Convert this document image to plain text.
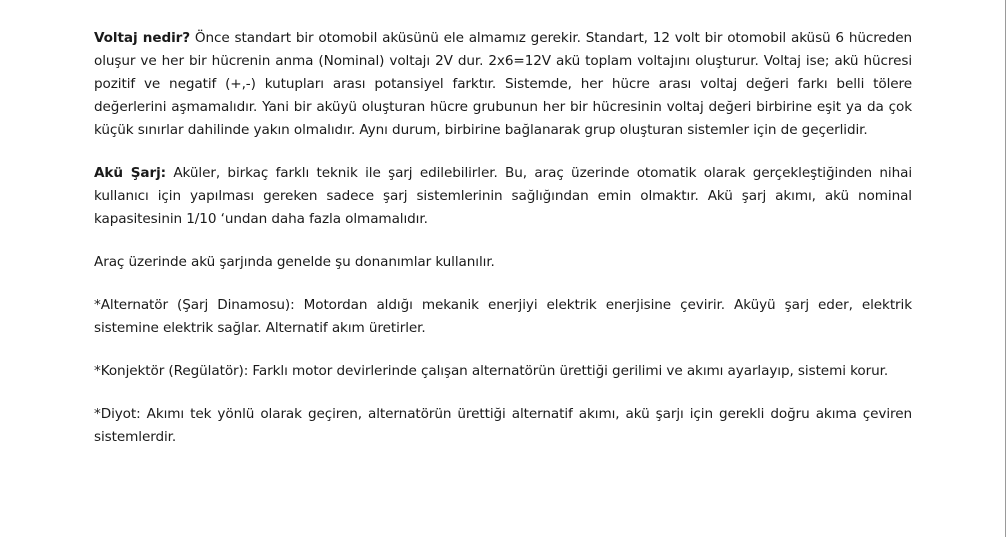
Voltaj nedir? Önce standart bir otomobil aküsünü ele almamız gerekir. Standart, 12 volt bir otomobil aküsü 6 hücreden oluşur ve her bir hücrenin anma (Nominal) voltajı 2V dur. 2x6=12V akü toplam voltajını oluşturur. Voltaj ise; akü hücresi pozitif ve negatif (+,-) kutupları arası potansiyel farktır. Sistemde, her hücre arası voltaj değeri farkı belli tölere değerlerini aşmamalıdır. Yani bir aküyü oluşturan hücre grubunun her bir hücresinin voltaj değeri birbirine eşit ya da çok küçük sınırlar dahilinde yakın olmalıdır. Aynı durum, birbirine bağlanarak grup oluşturan sistemler için de geçerlidir.

Akü Şarj: Aküler, birkaç farklı teknik ile şarj edilebilirler. Bu, araç üzerinde otomatik olarak gerçekleştiğinden nihai kullanıcı için yapılması gereken sadece şarj sistemlerinin sağlığından emin olmaktır. Akü şarj akımı, akü nominal kapasitesinin 1/10 ‘undan daha fazla olmamalıdır.

Araç üzerinde akü şarjında genelde şu donanımlar kullanılır.

*Alternatör (Şarj Dinamosu): Motordan aldığı mekanik enerjiyi elektrik enerjisine çevirir. Aküyü şarj eder, elektrik sistemine elektrik sağlar. Alternatif akım üretirler.

*Konjektör (Regülatör): Farklı motor devirlerinde çalışan alternatörün ürettiği gerilimi ve akımı ayarlayıp, sistemi korur.

*Diyot: Akımı tek yönlü olarak geçiren, alternatörün ürettiği alternatif akımı, akü şarjı için gerekli doğru akıma çeviren sistemlerdir.
